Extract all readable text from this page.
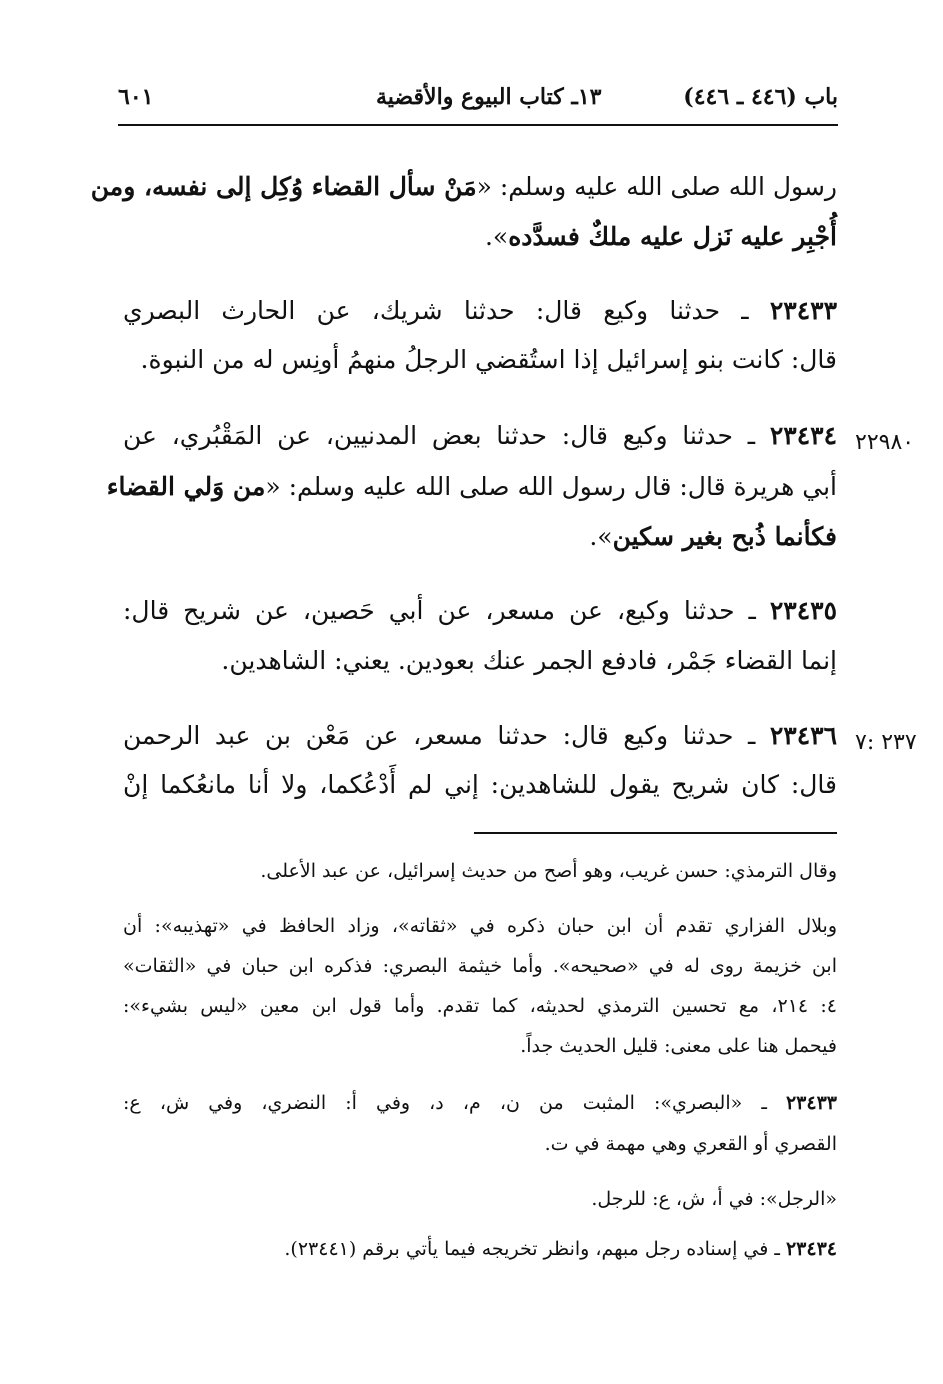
باب (٤٤٦ ـ ٤٤٦)
١٣ـ كتاب البيوع والأقضية
٦٠١
رسول الله صلى الله عليه وسلم: «مَنْ سأل القضاء وُكِل إلى نفسه، ومن
أُجْبِر عليه نَزل عليه ملكٌ فسدَّده».
٢٣٤٣٣ ـ حدثنا وكيع قال: حدثنا شريك، عن الحارث البصري
قال: كانت بنو إسرائيل إذا استُقضي الرجلُ منهمُ أونِس له من النبوة.
٢٢٩٨٠
٢٣٤٣٤ ـ حدثنا وكيع قال: حدثنا بعض المدنيين، عن المَقْبُري، عن
أبي هريرة قال: قال رسول الله صلى الله عليه وسلم: «من وَلي القضاء
فكأنما ذُبح بغير سكين».
٢٣٤٣٥ ـ حدثنا وكيع، عن مسعر، عن أبي حَصين، عن شريح قال:
إنما القضاء جَمْر، فادفع الجمر عنك بعودين. يعني: الشاهدين.
٢٣٧ :٧
٢٣٤٣٦ ـ حدثنا وكيع قال: حدثنا مسعر، عن مَعْن بن عبد الرحمن
قال: كان شريح يقول للشاهدين: إني لم أَدْعُكما، ولا أنا مانعُكما إنْ
وقال الترمذي: حسن غريب، وهو أصح من حديث إسرائيل، عن عبد الأعلى.
وبلال الفزاري تقدم أن ابن حبان ذكره في «ثقاته»، وزاد الحافظ في «تهذيبه»: أن
ابن خزيمة روى له في «صحيحه». وأما خيثمة البصري: فذكره ابن حبان في «الثقات»
٤: ٢١٤، مع تحسين الترمذي لحديثه، كما تقدم. وأما قول ابن معين «ليس بشيء»:
فيحمل هنا على معنى: قليل الحديث جداً.
٢٣٤٣٣ ـ «البصري»: المثبت من ن، م، د، وفي أ: النضري، وفي ش، ع:
القصري أو القعري وهي مهمة في ت.
«الرجل»: في أ، ش، ع: للرجل.
٢٣٤٣٤ ـ في إسناده رجل مبهم، وانظر تخريجه فيما يأتي برقم (٢٣٤٤١).
